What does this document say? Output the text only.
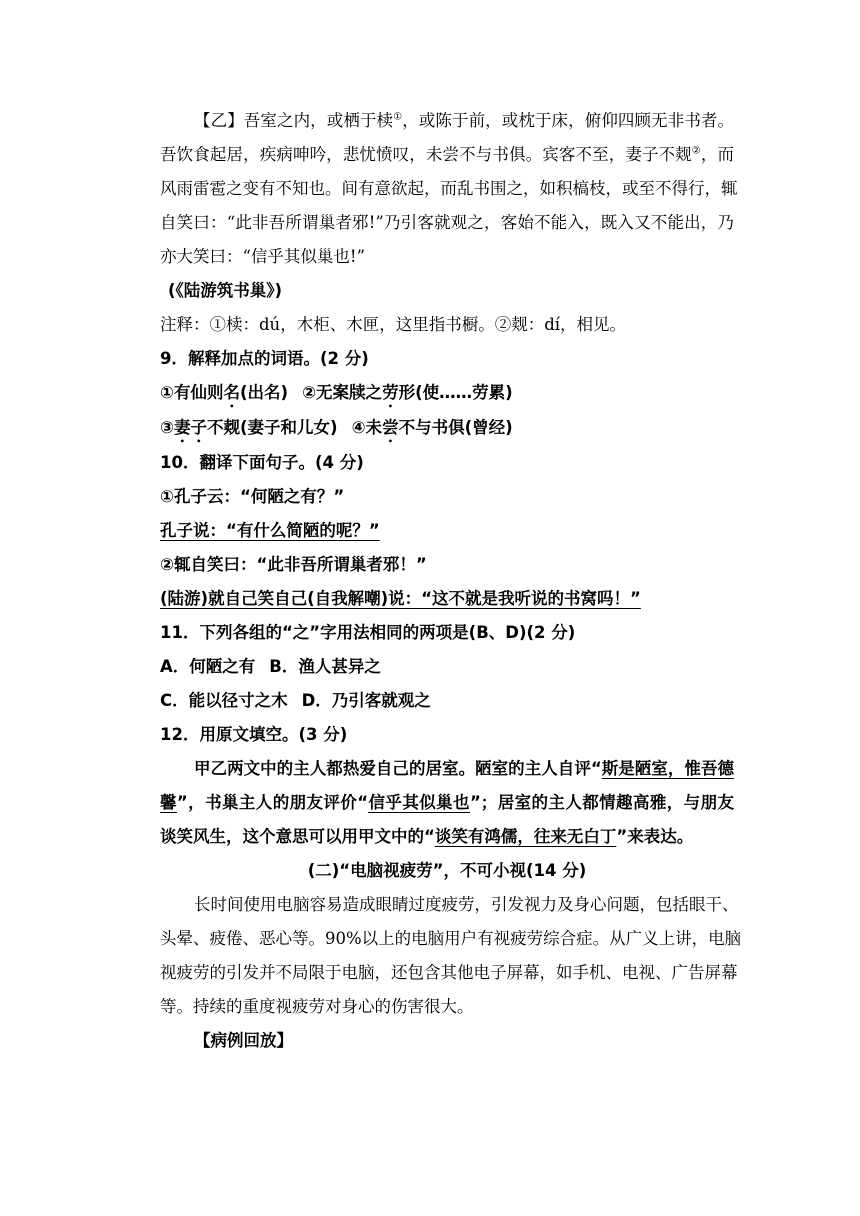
【乙】吾室之内，或栖于椟①，或陈于前，或枕于床，俯仰四顾无非书者。
吾饮食起居，疾病呻吟，悲忧愤叹，未尝不与书俱。宾客不至，妻子不觌②，而
风雨雷雹之变有不知也。间有意欲起，而乱书围之，如积槁枝，或至不得行，辄
自笑曰：“此非吾所谓巢者邪!”乃引客就观之，客始不能入，既入又不能出，乃
亦大笑曰：“信乎其似巢也!”
(《陆游筑书巢》)
注释：①椟：dú，木柜、木匣，这里指书橱。②觌：dí，相见。
9．解释加点的词语。(2 分)
①有仙则名(出名) ②无案牍之劳形(使……劳累)
③妻子不觌(妻子和儿女) ④未尝不与书俱(曾经)
10．翻译下面句子。(4 分)
①孔子云：“何陋之有？”
孔子说：“有什么简陋的呢？”
②辄自笑曰：“此非吾所谓巢者邪！”
(陆游)就自己笑自己(自我解嘲)说：“这不就是我听说的书窝吗！”
11．下列各组的“之”字用法相同的两项是(B、D)(2 分)
A．何陋之有 B．渔人甚异之
C．能以径寸之木 D．乃引客就观之
12．用原文填空。(3 分)
甲乙两文中的主人都热爱自己的居室。陋室的主人自评“斯是陋室，惟吾德
馨”，书巢主人的朋友评价“信乎其似巢也”；居室的主人都情趣高雅，与朋友
谈笑风生，这个意思可以用甲文中的“谈笑有鸿儒，往来无白丁”来表达。
(二)“电脑视疲劳”，不可小视(14 分)
长时间使用电脑容易造成眼睛过度疲劳，引发视力及身心问题，包括眼干、
头晕、疲倦、恶心等。90%以上的电脑用户有视疲劳综合症。从广义上讲，电脑
视疲劳的引发并不局限于电脑，还包含其他电子屏幕，如手机、电视、广告屏幕
等。持续的重度视疲劳对身心的伤害很大。
【病例回放】
